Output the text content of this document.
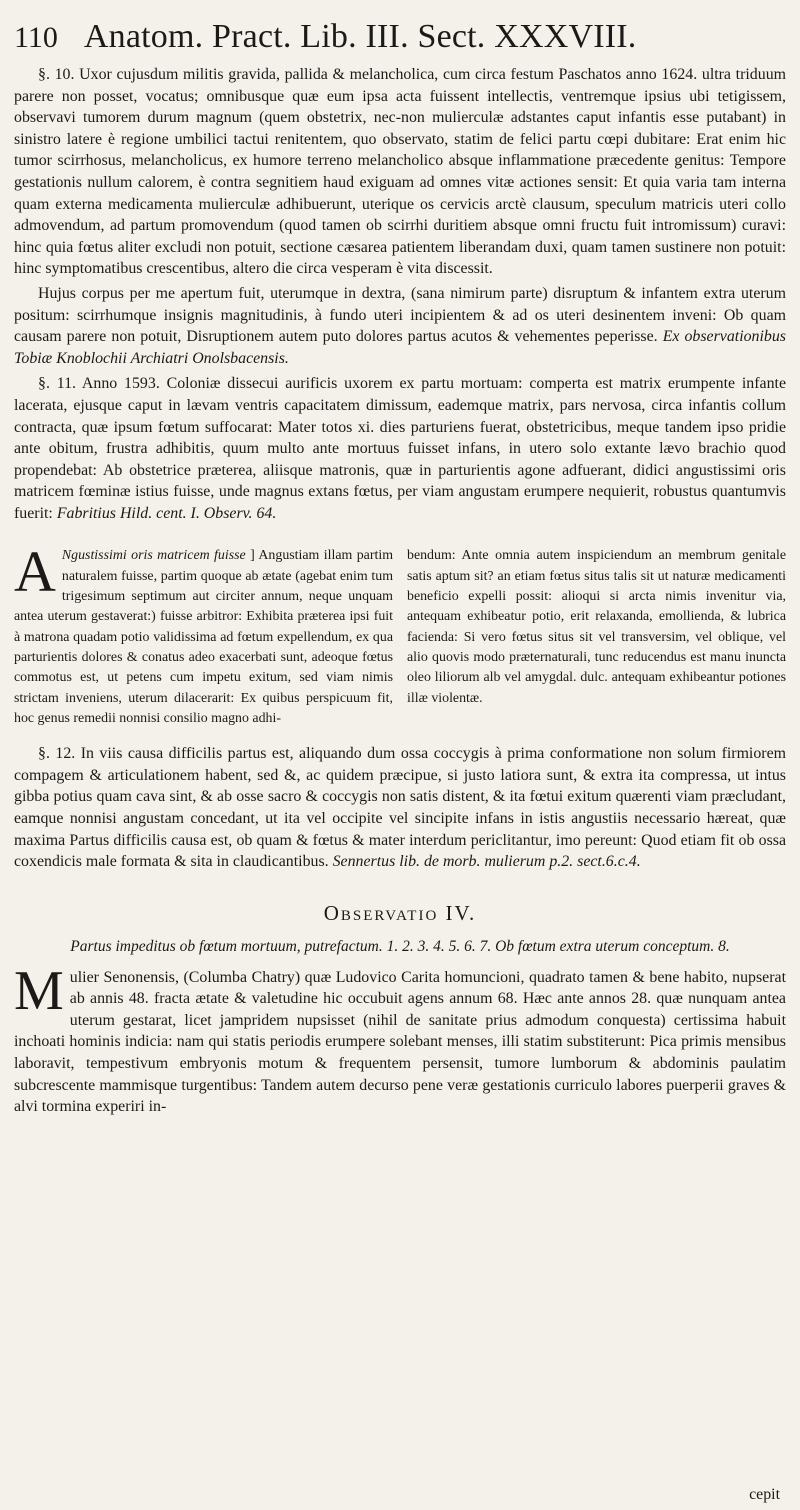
110 Anatom. Pract. Lib. III. Sect. XXXVIII.

§. 10. Uxor cujusdum militis gravida, pallida & melancholica, cum circa festum Paschatos anno 1624. ultra triduum parere non posset, vocatus; omnibusque quæ eum ipsa acta fuissent intellectis, ventremque ipsius ubi tetigissem, observavi tumorem durum magnum (quem obstetrix, nec-non mulierculæ adstantes caput infantis esse putabant) in sinistro latere è regione umbilici tactui renitentem, quo observato, statim de felici partu cœpi dubitare: Erat enim hic tumor scirrhosus, melancholicus, ex humore terreno melancholico absque inflammatione præcedente genitus: Tempore gestationis nullum calorem, è contra segnitiem haud exiguam ad omnes vitæ actiones sensit: Et quia varia tam interna quam externa medicamenta mulierculæ adhibuerunt, uterique os cervicis arctè clausum, speculum matricis uteri collo admovendum, ad partum promovendum (quod tamen ob scirrhi duritiem absque omni fructu fuit intromissum) curavi: hinc quia fœtus aliter excludi non potuit, sectione cæsarea patientem liberandam duxi, quam tamen sustinere non potuit: hinc symptomatibus crescentibus, altero die circa vesperam è vita discessit.

Hujus corpus per me apertum fuit, uterumque in dextra, (sana nimirum parte) disruptum & infantem extra uterum positum: scirrhumque insignis magnitudinis, à fundo uteri incipientem & ad os uteri desinentem inveni: Ob quam causam parere non potuit, Disruptionem autem puto dolores partus acutos & vehementes peperisse. Ex observationibus Tobiæ Knoblochii Archiatri Onolsbacensis.

§. 11. Anno 1593. Coloniæ dissecui aurificis uxorem ex partu mortuam: comperta est matrix erumpente infante lacerata, ejusque caput in lævam ventris capacitatem dimissum, eademque matrix, pars nervosa, circa infantis collum contracta, quæ ipsum fœtum suffocarat: Mater totos xi. dies parturiens fuerat, obstetricibus, meque tandem ipso pridie ante obitum, frustra adhibitis, quum multo ante mortuus fuisset infans, in utero solo extante lævo brachio quod propendebat: Ab obstetrice præterea, aliisque matronis, quæ in parturientis agone adfuerant, didici angustissimi oris matricem fœminæ istius fuisse, unde magnus extans fœtus, per viam angustam erumpere nequierit, robustus quantumvis fuerit: Fabritius Hild. cent. I. Observ. 64.

A Ngustissimi oris matricem fuisse ] Angustiam illam partim naturalem fuisse, partim quoque ab ætate (agebat enim tum trigesimum septimum aut circiter annum, neque unquam antea uterum gestaverat:) fuisse arbitror: Exhibita præterea ipsi fuit à matrona quadam potio validissima ad fœtum expellendum, ex qua parturientis dolores & conatus adeo exacerbati sunt, adeoque fœtus commotus est, ut petens cum impetu exitum, sed viam nimis strictam inveniens, uterum dilacerarit: Ex quibus perspicuum fit, hoc genus remedii nonnisi consilio magno adhi-

bendum: Ante omnia autem inspiciendum an membrum genitale satis aptum sit? an etiam fœtus situs talis sit ut naturæ medicamenti beneficio expelli possit: alioqui si arcta nimis invenitur via, antequam exhibeatur potio, erit relaxanda, emollienda, & lubrica facienda: Si vero fœtus situs sit vel transversim, vel oblique, vel alio quovis modo præternaturali, tunc reducendus est manu inuncta oleo liliorum alb vel amygdal. dulc. antequam exhibeantur potiones illæ violentæ.

§. 12. In viis causa difficilis partus est, aliquando dum ossa coccygis à prima conformatione non solum firmiorem compagem & articulationem habent, sed &, ac quidem præcipue, si justo latiora sunt, & extra ita compressa, ut intus gibba potius quam cava sint, & ab osse sacro & coccygis non satis distent, & ita fœtui exitum quærenti viam præcludant, eamque nonnisi angustam concedant, ut ita vel occipite vel sincipite infans in istis angustiis necessario hæreat, quæ maxima Partus difficilis causa est, ob quam & fœtus & mater interdum periclitantur, imo pereunt: Quod etiam fit ob ossa coxendicis male formata & sita in claudicantibus. Sennertus lib. de morb. mulierum p.2. sect.6.c.4.

Observatio IV.

Partus impeditus ob fœtum mortuum, putrefactum. 1. 2. 3. 4. 5. 6. 7. Ob fœtum extra uterum conceptum. 8.

Mulier Senonensis, (Columba Chatry) quæ Ludovico Carita homuncioni, quadrato tamen & bene habito, nupserat ab annis 48. fracta ætate & valetudine hic occubuit agens annum 68. Hæc ante annos 28. quæ nunquam antea uterum gestarat, licet jampridem nupsisset (nihil de sanitate prius admodum conquesta) certissima habuit inchoati hominis indicia: nam qui statis periodis erumpere solebant menses, illi statim substiterunt: Pica primis mensibus laboravit, tempestivum embryonis motum & frequentem persensit, tumore lumborum & abdominis paulatim subcrescente mammisque turgentibus: Tandem autem decurso pene veræ gestationis curriculo labores puerperii graves & alvi tormina experiri in-
cepit
